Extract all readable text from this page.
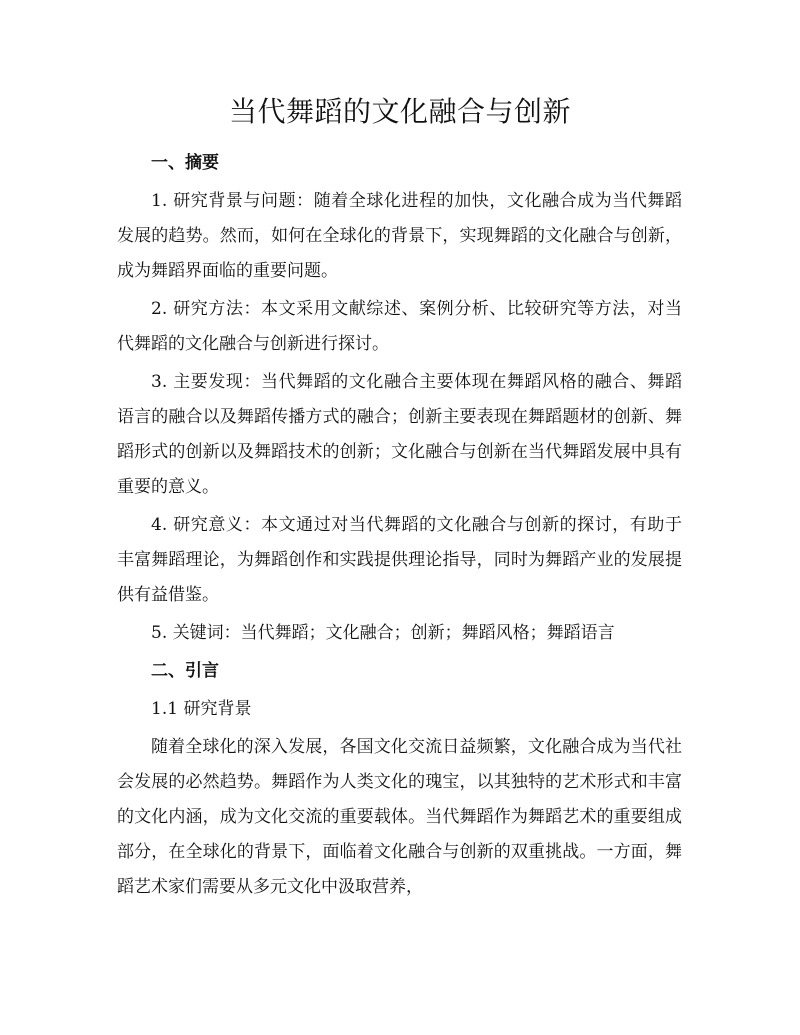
当代舞蹈的文化融合与创新

一、摘要

1. 研究背景与问题：随着全球化进程的加快，文化融合成为当代舞蹈发展的趋势。然而，如何在全球化的背景下，实现舞蹈的文化融合与创新，成为舞蹈界面临的重要问题。

2. 研究方法：本文采用文献综述、案例分析、比较研究等方法，对当代舞蹈的文化融合与创新进行探讨。

3. 主要发现：当代舞蹈的文化融合主要体现在舞蹈风格的融合、舞蹈语言的融合以及舞蹈传播方式的融合；创新主要表现在舞蹈题材的创新、舞蹈形式的创新以及舞蹈技术的创新；文化融合与创新在当代舞蹈发展中具有重要的意义。

4. 研究意义：本文通过对当代舞蹈的文化融合与创新的探讨，有助于丰富舞蹈理论，为舞蹈创作和实践提供理论指导，同时为舞蹈产业的发展提供有益借鉴。

5. 关键词：当代舞蹈；文化融合；创新；舞蹈风格；舞蹈语言

二、引言

1.1 研究背景

随着全球化的深入发展，各国文化交流日益频繁，文化融合成为当代社会发展的必然趋势。舞蹈作为人类文化的瑰宝，以其独特的艺术形式和丰富的文化内涵，成为文化交流的重要载体。当代舞蹈作为舞蹈艺术的重要组成部分，在全球化的背景下，面临着文化融合与创新的双重挑战。一方面，舞蹈艺术家们需要从多元文化中汲取营养，
